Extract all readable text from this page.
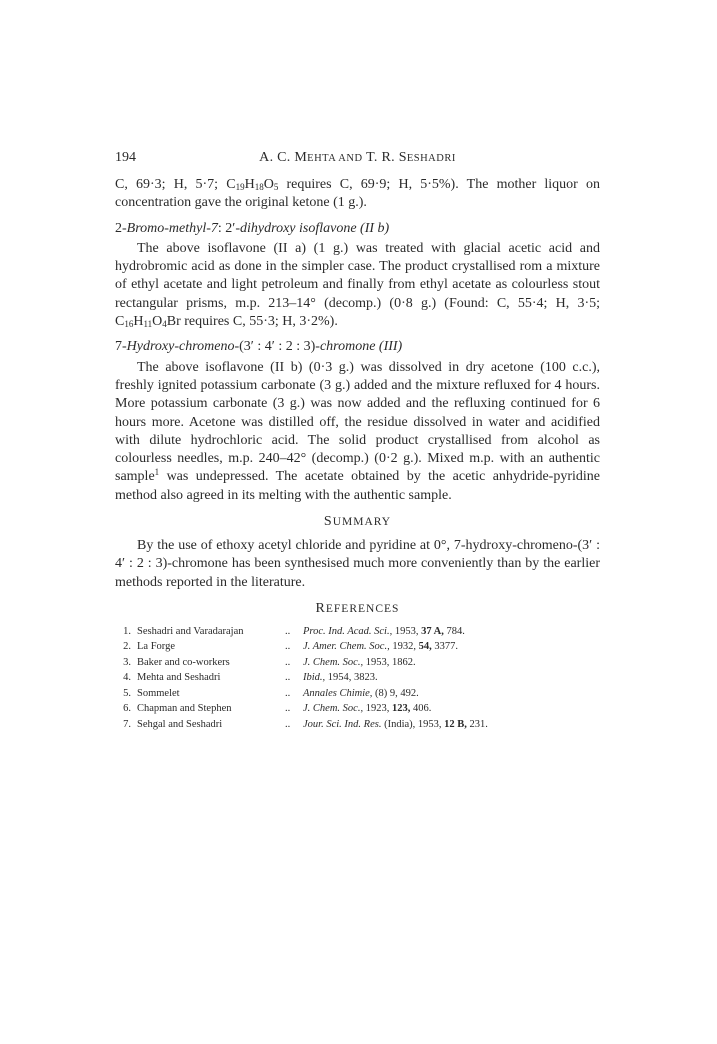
194	A. C. MEHTA AND T. R. SESHADRI

C, 69·3; H, 5·7; $C_{19}H_{18}O_5$ requires C, 69·9; H, 5·5%). The mother liquor on concentration gave the original ketone (1 g.).

2-Bromo-methyl-7: 2′-dihydroxy isoflavone (II b)

The above isoflavone (II a) (1 g.) was treated with glacial acetic acid and hydrobromic acid as done in the simpler case. The product crystallised rom a mixture of ethyl acetate and light petroleum and finally from ethyl acetate as colourless stout rectangular prisms, m.p. 213–14° (decomp.) (0·8 g.) (Found: C, 55·4; H, 3·5; $C_{16}H_{11}O_4Br$ requires C, 55·3; H, 3·2%).

7-Hydroxy-chromeno-(3′ : 4′ : 2 : 3)-chromone (III)

The above isoflavone (II b) (0·3 g.) was dissolved in dry acetone (100 c.c.), freshly ignited potassium carbonate (3 g.) added and the mixture refluxed for 4 hours. More potassium carbonate (3 g.) was now added and the refluxing continued for 6 hours more. Acetone was distilled off, the residue dissolved in water and acidified with dilute hydrochloric acid. The solid product crystallised from alcohol as colourless needles, m.p. 240–42° (decomp.) (0·2 g.). Mixed m.p. with an authentic sample$^1$ was undepressed. The acetate obtained by the acetic anhydride-pyridine method also agreed in its melting with the authentic sample.

SUMMARY

By the use of ethoxy acetyl chloride and pyridine at 0°, 7-hydroxy-chromeno-(3′ : 4′ : 2 : 3)-chromone has been synthesised much more conveniently than by the earlier methods reported in the literature.

REFERENCES
1. Seshadri and Varadarajan	..	Proc. Ind. Acad. Sci., 1953, 37 A, 784.
2. La Forge	..	J. Amer. Chem. Soc., 1932, 54, 3377.
3. Baker and co-workers	..	J. Chem. Soc., 1953, 1862.
4. Mehta and Seshadri	..	Ibid., 1954, 3823.
5. Sommelet	..	Annales Chimie, (8) 9, 492.
6. Chapman and Stephen	..	J. Chem. Soc., 1923, 123, 406.
7. Sehgal and Seshadri	..	Jour. Sci. Ind. Res. (India), 1953, 12 B, 231.
